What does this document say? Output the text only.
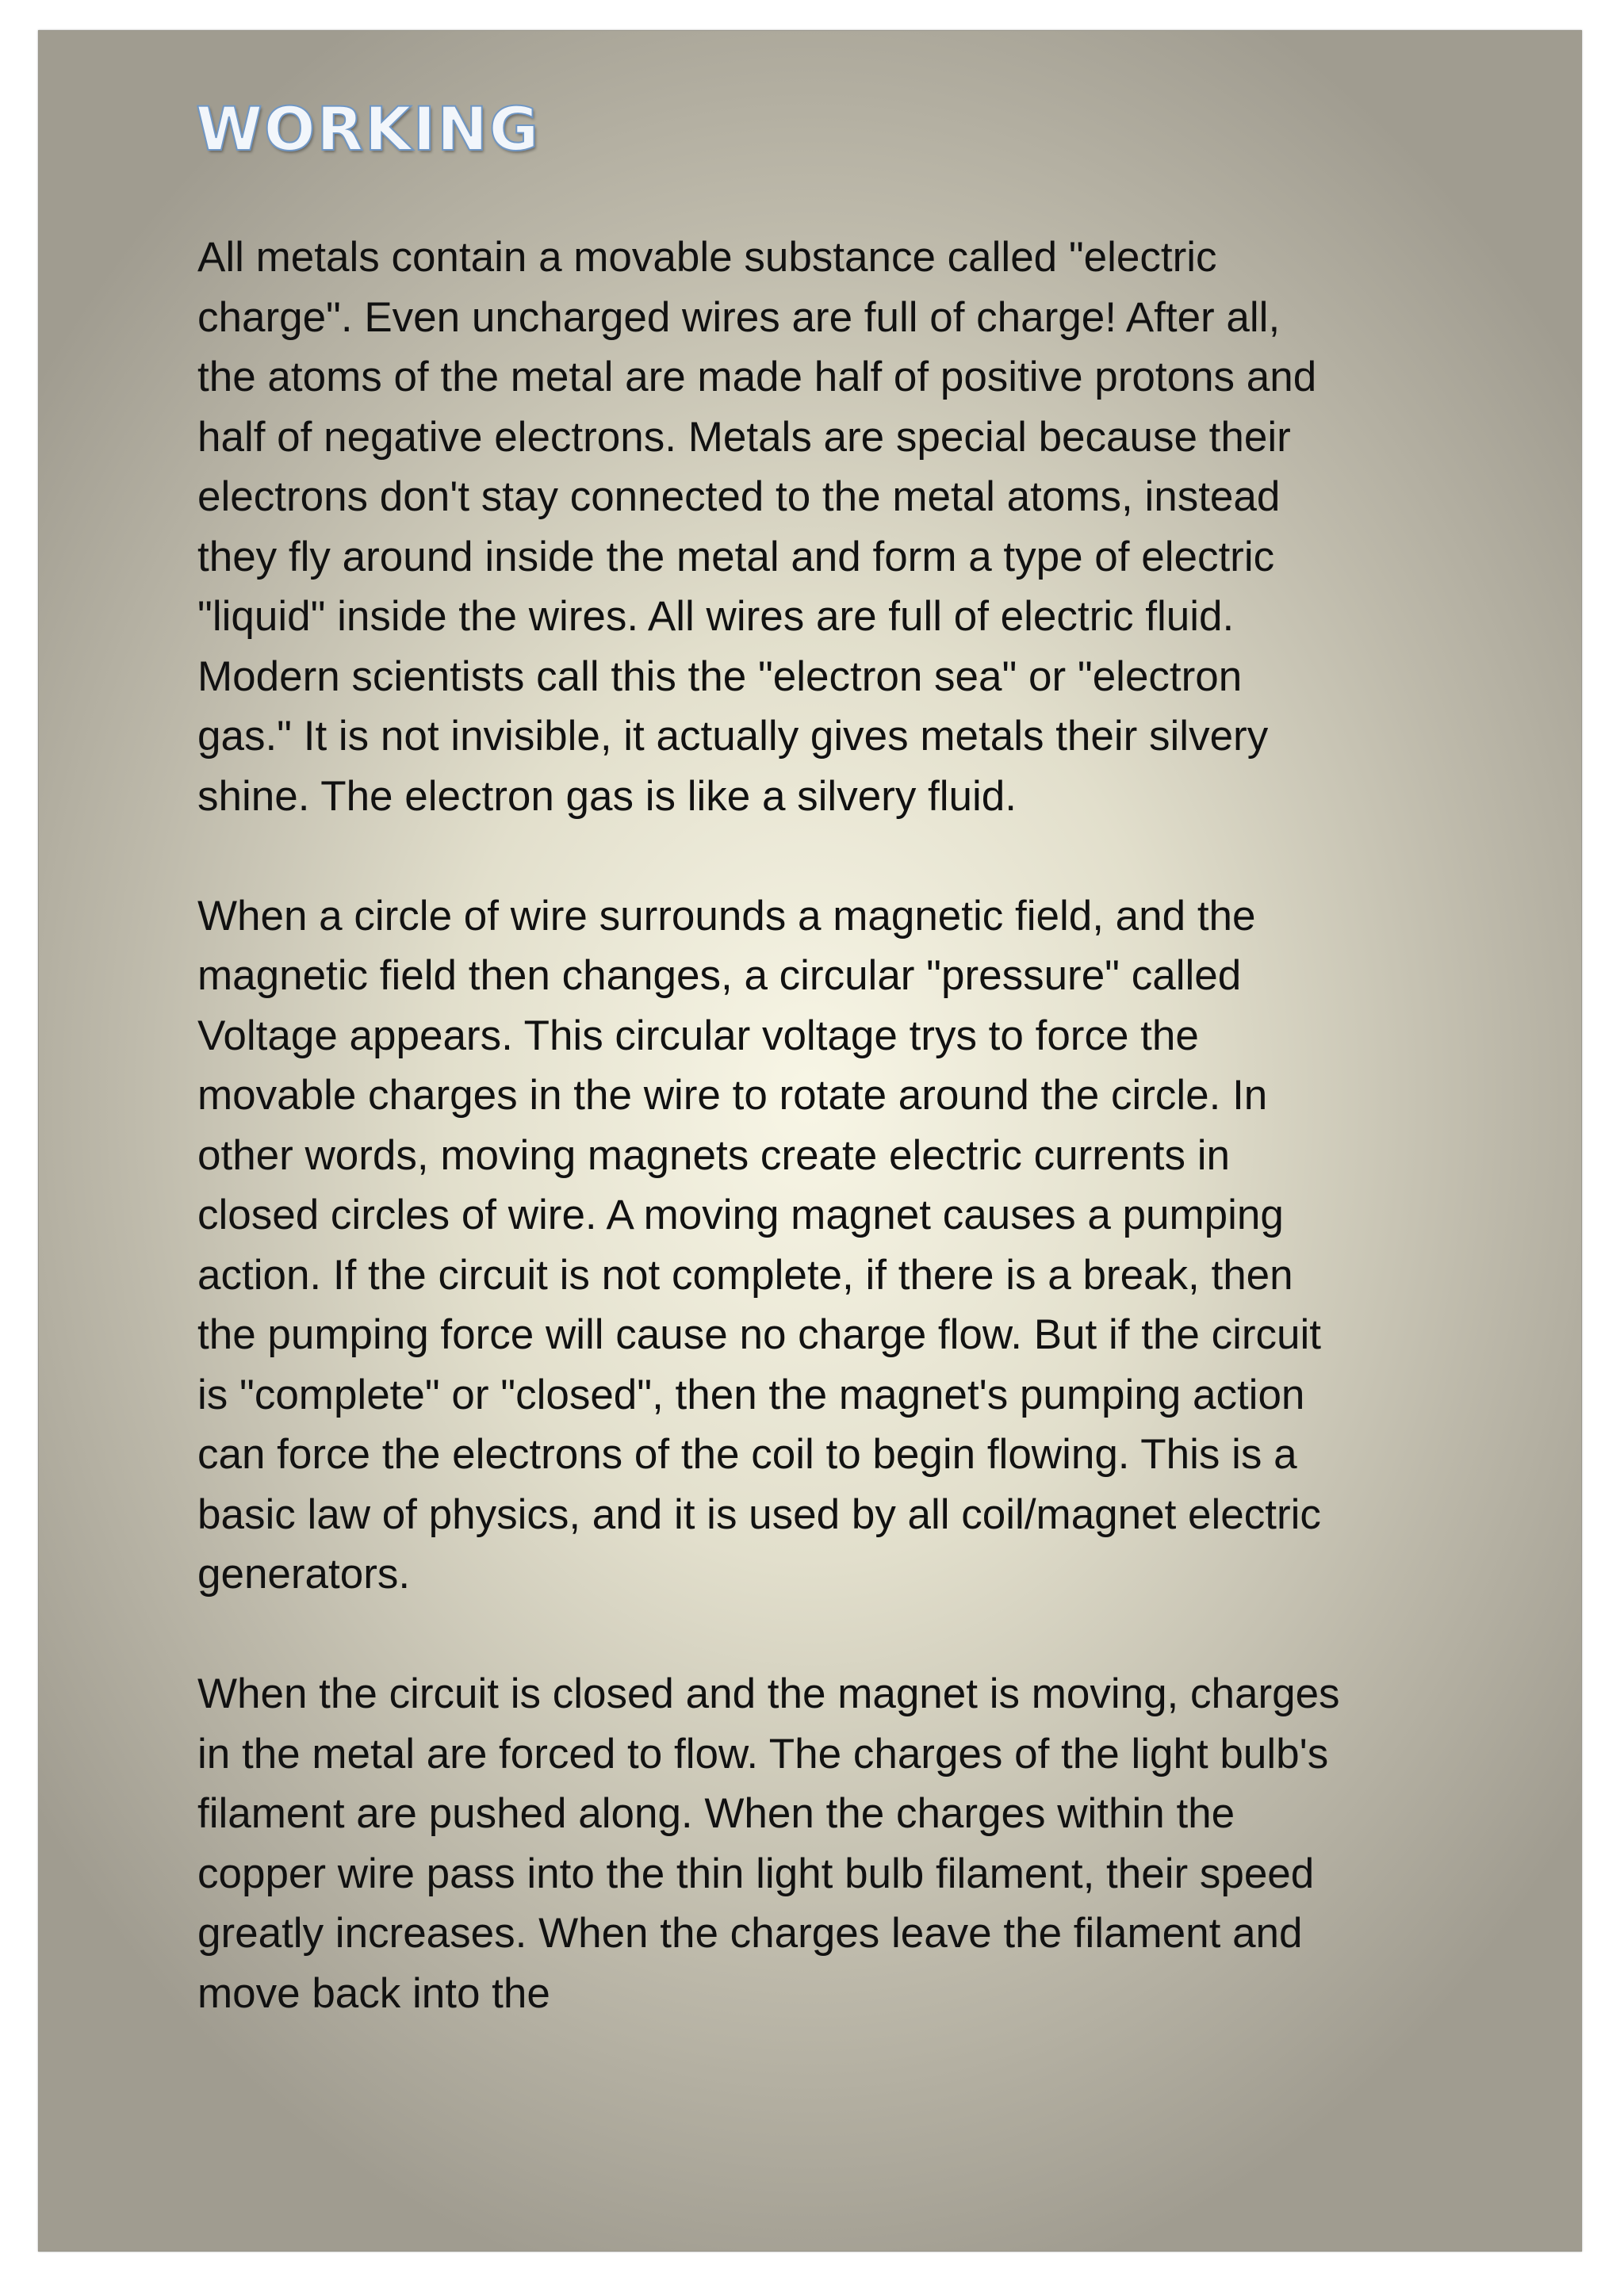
WORKING

All metals contain a movable substance called "electric
charge". Even uncharged wires are full of charge! After all,
the atoms of the metal are made half of positive protons and
half of negative electrons. Metals are special because their
electrons don't stay connected to the metal atoms, instead
they fly around inside the metal and form a type of electric
"liquid" inside the wires. All wires are full of electric fluid.
Modern scientists call this the "electron sea" or "electron
gas." It is not invisible, it actually gives metals their silvery
shine. The electron gas is like a silvery fluid.

When a circle of wire surrounds a magnetic field, and the
magnetic field then changes, a circular "pressure" called
Voltage appears. This circular voltage trys to force the
movable charges in the wire to rotate around the circle. In
other words, moving magnets create electric currents in
closed circles of wire. A moving magnet causes a pumping
action. If the circuit is not complete, if there is a break, then
the pumping force will cause no charge flow. But if the circuit
is "complete" or "closed", then the magnet's pumping action
can force the electrons of the coil to begin flowing. This is a
basic law of physics, and it is used by all coil/magnet electric
generators.

When the circuit is closed and the magnet is moving, charges
in the metal are forced to flow. The charges of the light bulb's
filament are pushed along. When the charges within the
copper wire pass into the thin light bulb filament, their speed
greatly increases. When the charges leave the filament and
move back into the
